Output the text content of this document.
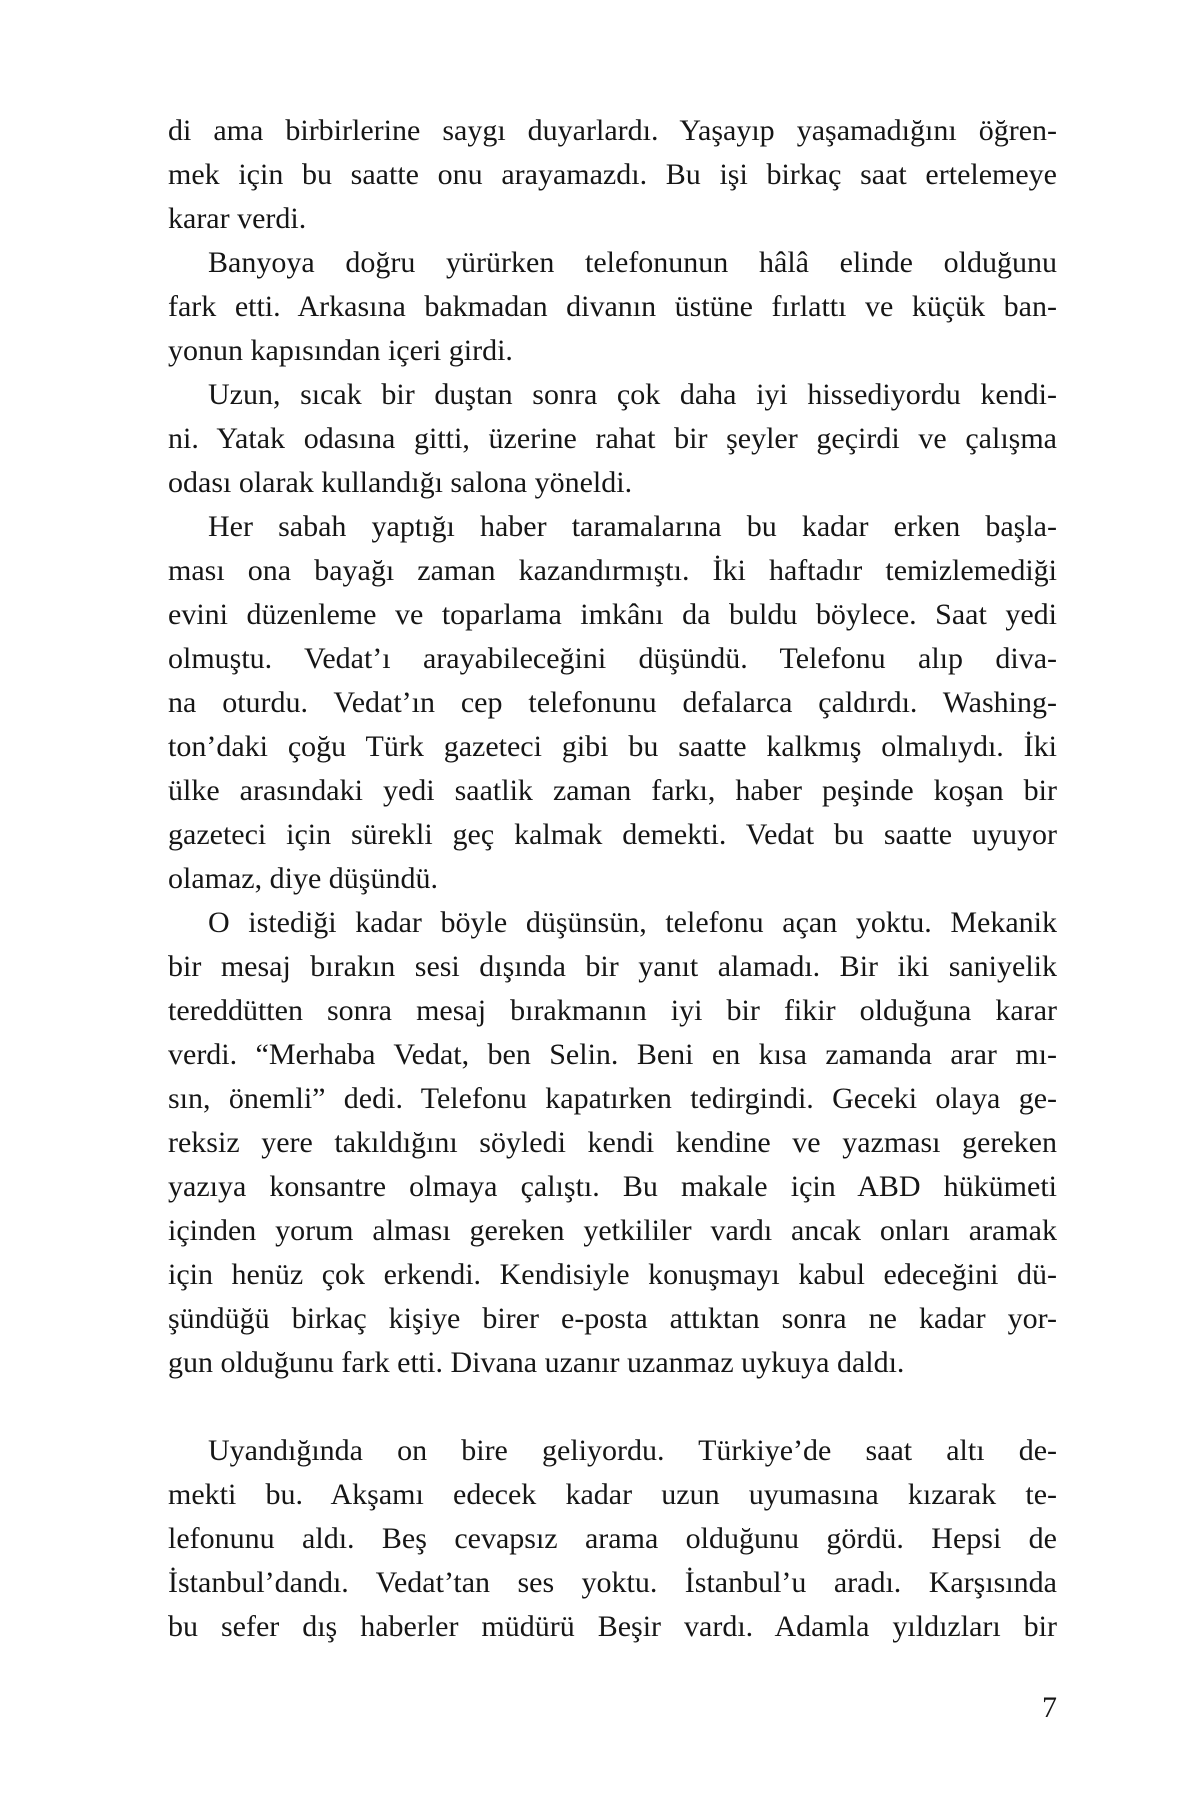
di ama birbirlerine saygı duyarlardı. Yaşayıp yaşamadığını öğren-
mek için bu saatte onu arayamazdı. Bu işi birkaç saat ertelemeye
karar verdi.

Banyoya doğru yürürken telefonunun hâlâ elinde olduğunu
fark etti. Arkasına bakmadan divanın üstüne fırlattı ve küçük ban-
yonun kapısından içeri girdi.

Uzun, sıcak bir duştan sonra çok daha iyi hissediyordu kendi-
ni. Yatak odasına gitti, üzerine rahat bir şeyler geçirdi ve çalışma
odası olarak kullandığı salona yöneldi.

Her sabah yaptığı haber taramalarına bu kadar erken başla-
ması ona bayağı zaman kazandırmıştı. İki haftadır temizlemediği
evini düzenleme ve toparlama imkânı da buldu böylece. Saat yedi
olmuştu. Vedat’ı arayabileceğini düşündü. Telefonu alıp diva-
na oturdu. Vedat’ın cep telefonunu defalarca çaldırdı. Washing-
ton’daki çoğu Türk gazeteci gibi bu saatte kalkmış olmalıydı. İki
ülke arasındaki yedi saatlik zaman farkı, haber peşinde koşan bir
gazeteci için sürekli geç kalmak demekti. Vedat bu saatte uyuyor
olamaz, diye düşündü.

O istediği kadar böyle düşünsün, telefonu açan yoktu. Mekanik
bir mesaj bırakın sesi dışında bir yanıt alamadı. Bir iki saniyelik
tereddütten sonra mesaj bırakmanın iyi bir fikir olduğuna karar
verdi. “Merhaba Vedat, ben Selin. Beni en kısa zamanda arar mı-
sın, önemli” dedi. Telefonu kapatırken tedirgindi. Geceki olaya ge-
reksiz yere takıldığını söyledi kendi kendine ve yazması gereken
yazıya konsantre olmaya çalıştı. Bu makale için ABD hükümeti
içinden yorum alması gereken yetkililer vardı ancak onları aramak
için henüz çok erkendi. Kendisiyle konuşmayı kabul edeceğini dü-
şündüğü birkaç kişiye birer e-posta attıktan sonra ne kadar yor-
gun olduğunu fark etti. Divana uzanır uzanmaz uykuya daldı.

Uyandığında on bire geliyordu. Türkiye’de saat altı de-
mekti bu. Akşamı edecek kadar uzun uyumasına kızarak te-
lefonunu aldı. Beş cevapsız arama olduğunu gördü. Hepsi de
İstanbul’dandı. Vedat’tan ses yoktu. İstanbul’u aradı. Karşısında
bu sefer dış haberler müdürü Beşir vardı. Adamla yıldızları bir

7
